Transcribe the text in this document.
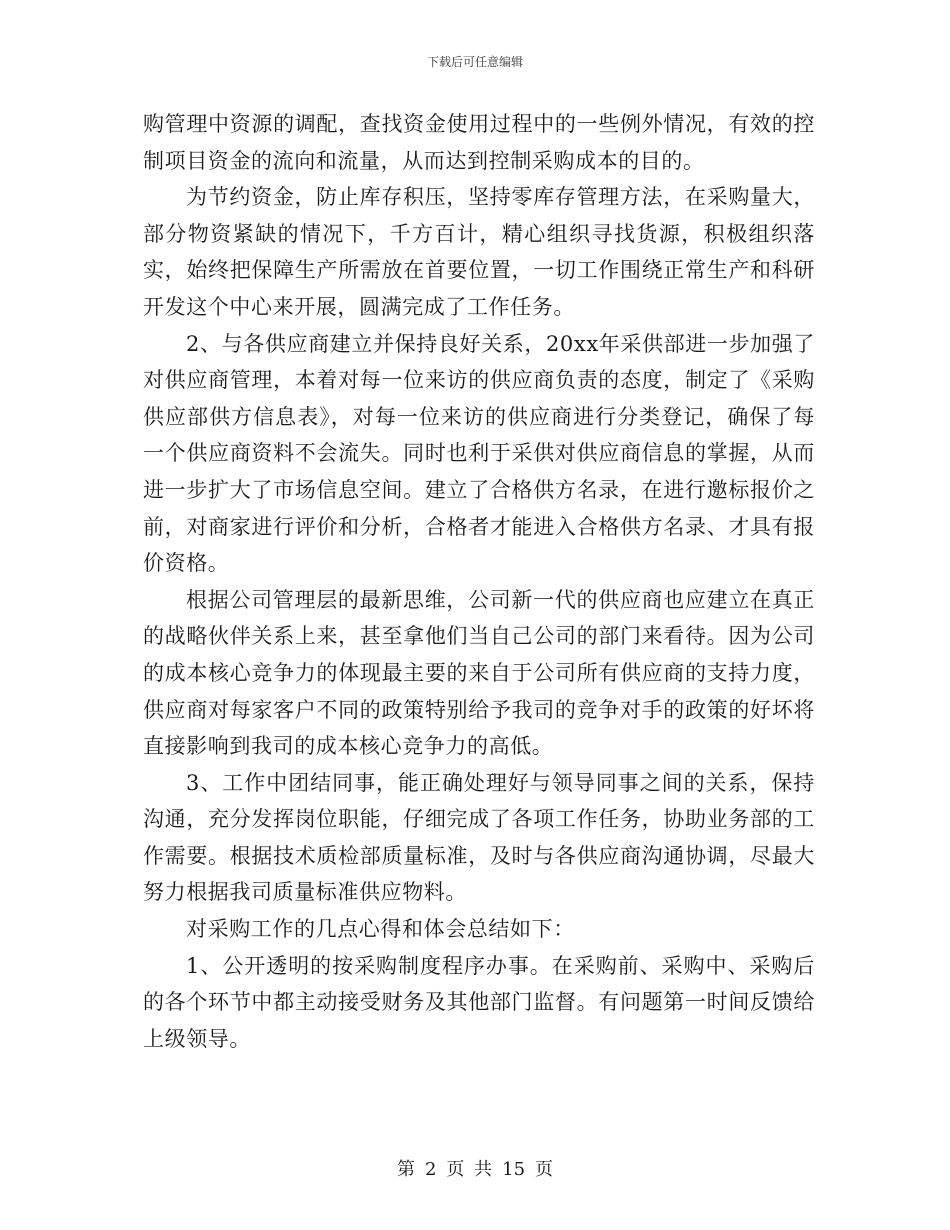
下载后可任意编辑

购管理中资源的调配，查找资金使用过程中的一些例外情况，有效的控制项目资金的流向和流量，从而达到控制采购成本的目的。

为节约资金，防止库存积压，坚持零库存管理方法，在采购量大，部分物资紧缺的情况下，千方百计，精心组织寻找货源，积极组织落实，始终把保障生产所需放在首要位置，一切工作围绕正常生产和科研开发这个中心来开展，圆满完成了工作任务。

2、与各供应商建立并保持良好关系，20xx年采供部进一步加强了对供应商管理，本着对每一位来访的供应商负责的态度，制定了《采购供应部供方信息表》，对每一位来访的供应商进行分类登记，确保了每一个供应商资料不会流失。同时也利于采供对供应商信息的掌握，从而进一步扩大了市场信息空间。建立了合格供方名录，在进行邀标报价之前，对商家进行评价和分析，合格者才能进入合格供方名录、才具有报价资格。

根据公司管理层的最新思维，公司新一代的供应商也应建立在真正的战略伙伴关系上来，甚至拿他们当自己公司的部门来看待。因为公司的成本核心竞争力的体现最主要的来自于公司所有供应商的支持力度，供应商对每家客户不同的政策特别给予我司的竞争对手的政策的好坏将直接影响到我司的成本核心竞争力的高低。

3、工作中团结同事，能正确处理好与领导同事之间的关系，保持沟通，充分发挥岗位职能，仔细完成了各项工作任务，协助业务部的工作需要。根据技术质检部质量标准，及时与各供应商沟通协调，尽最大努力根据我司质量标准供应物料。

对采购工作的几点心得和体会总结如下：

1、公开透明的按采购制度程序办事。在采购前、采购中、采购后的各个环节中都主动接受财务及其他部门监督。有问题第一时间反馈给上级领导。

第 2 页 共 15 页
